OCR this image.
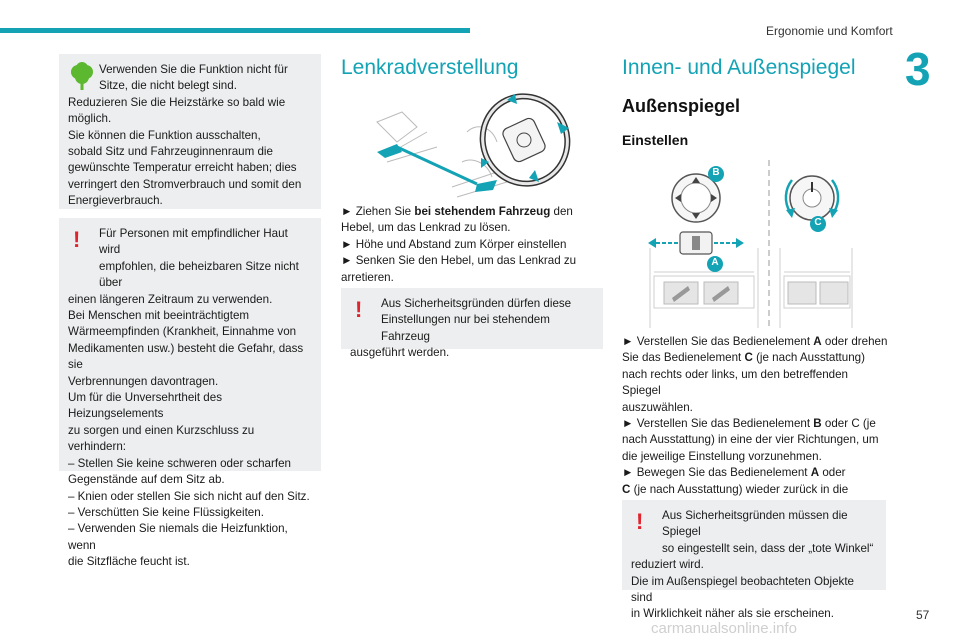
Ergonomie und Komfort
3

Verwenden Sie die Funktion nicht für

Sitze, die nicht belegt sind.

Reduzieren Sie die Heizstärke so bald wie

möglich.

Sie können die Funktion ausschalten,

sobald Sitz und Fahrzeuginnenraum die

gewünschte Temperatur erreicht haben; dies

verringert den Stromverbrauch und somit den

Energieverbrauch.

!	Für Personen mit empfindlicher Haut wird

empfohlen, die beheizbaren Sitze nicht über

einen längeren Zeitraum zu verwenden.

Bei Menschen mit beeinträchtigtem

Wärmeempfinden (Krankheit, Einnahme von

Medikamenten usw.) besteht die Gefahr, dass sie

Verbrennungen davontragen.

Um für die Unversehrtheit des Heizungselements

zu sorgen und einen Kurzschluss zu verhindern:

– Stellen Sie keine schweren oder scharfen

Gegenstände auf dem Sitz ab.

– Knien oder stellen Sie sich nicht auf den Sitz.

– Verschütten Sie keine Flüssigkeiten.

– Verwenden Sie niemals die Heizfunktion, wenn

die Sitzfläche feucht ist.

Lenkradverstellung

► Ziehen Sie bei stehendem Fahrzeug den

Hebel, um das Lenkrad zu lösen.

► Höhe und Abstand zum Körper einstellen

► Senken Sie den Hebel, um das Lenkrad zu

arretieren.

!	Aus Sicherheitsgründen dürfen diese

Einstellungen nur bei stehendem Fahrzeug

ausgeführt werden.

Innen- und Außenspiegel
Außenspiegel
Einstellen
B
A
C

► Verstellen Sie das Bedienelement A oder drehen

Sie das Bedienelement C (je nach Ausstattung)

nach rechts oder links, um den betreffenden Spiegel

auszuwählen.

► Verstellen Sie das Bedienelement B oder C (je

nach Ausstattung) in eine der vier Richtungen, um

die jeweilige Einstellung vorzunehmen.

► Bewegen Sie das Bedienelement A oder

C (je nach Ausstattung) wieder zurück in die

!	Aus Sicherheitsgründen müssen die Spiegel

so eingestellt sein, dass der „tote Winkel“

reduziert wird.

Die im Außenspiegel beobachteten Objekte sind

in Wirklichkeit näher als sie erscheinen.

carmanualsonline.info
57
